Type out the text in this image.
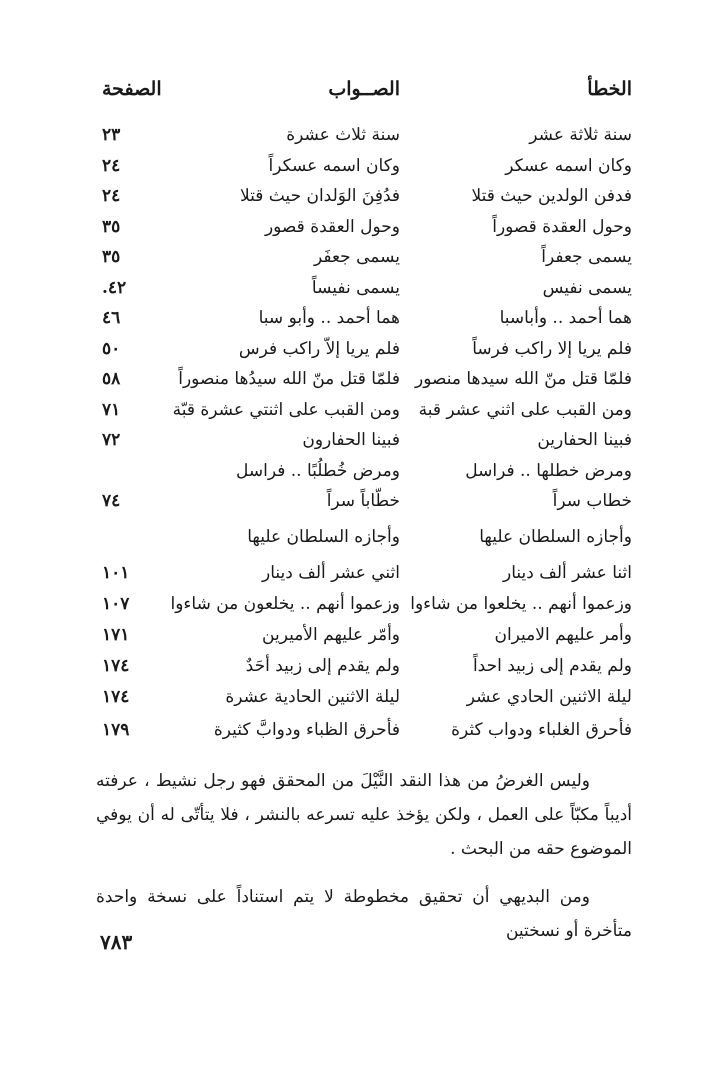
الخطأ
الصــواب
الصفحة
سنة ثلاثة عشر
سنة ثلاث عشرة
٢٣
وكان اسمه عسكر
وكان اسمه عسكراً
٢٤
فدفن الولدين حيث قتلا
فدُفِنَ الوَلدان حيث قتلا
٢٤
وحول العقدة قصوراً
وحول العقدة قصور
٣٥
يسمى جعفراً
يسمى جعفَر
٣٥
يسمى نفيس
يسمى نفيساً
٤٢.
هما أحمد .. وأباسبا
هما أحمد .. وأبو سبا
٤٦
فلم يريا إلا راكب فرساً
فلم يريا إلاّ راكب فرس
٥٠
فلمّا قتل منّ الله سيدها منصور
فلمّا قتل منّ الله سيدُها منصوراً
٥٨
ومن القبب على اثني عشر قبة
ومن القبب على اثنتي عشرة قبّة
٧١
فبينا الحفارين
فبينا الحفارون
٧٢
ومرض خطلها .. فراسل
ومرض خُطلُبًا .. فراسل
خطاب سراً
خطّاباً سراً
٧٤
وأجازه السلطان عليها
وأجازه السلطان عليها
اثنا عشر ألف دينار
اثني عشر ألف دينار
١٠١
وزعموا أنهم .. يخلعوا من شاءوا
وزعموا أنهم .. يخلعون من شاءوا
١٠٧
وأمر عليهم الاميران
وأمّر عليهم الأميرين
١٧١
ولم يقدم إلى زبيد احداً
ولم يقدم إلى زبيد أحَدٌ
١٧٤
ليلة الاثنين الحادي عشر
ليلة الاثنين الحادية عشرة
١٧٤
فأحرق الغلباء ودواب كثرة
فأحرق الظباء ودوابَّ كثيرة
١٧٩

وليس الغرضُ من هذا النقد النَّيْلَ من المحقق فهو رجل نشيط ، عرفته أديباً مكبّاً على العمل ، ولكن يؤخذ عليه تسرعه بالنشر ، فلا يتأتّى له أن يوفي الموضوع حقه من البحث .

ومن البديهي أن تحقيق مخطوطة لا يتم استناداً على نسخة واحدة متأخرة أو نسختين

٧٨٣
